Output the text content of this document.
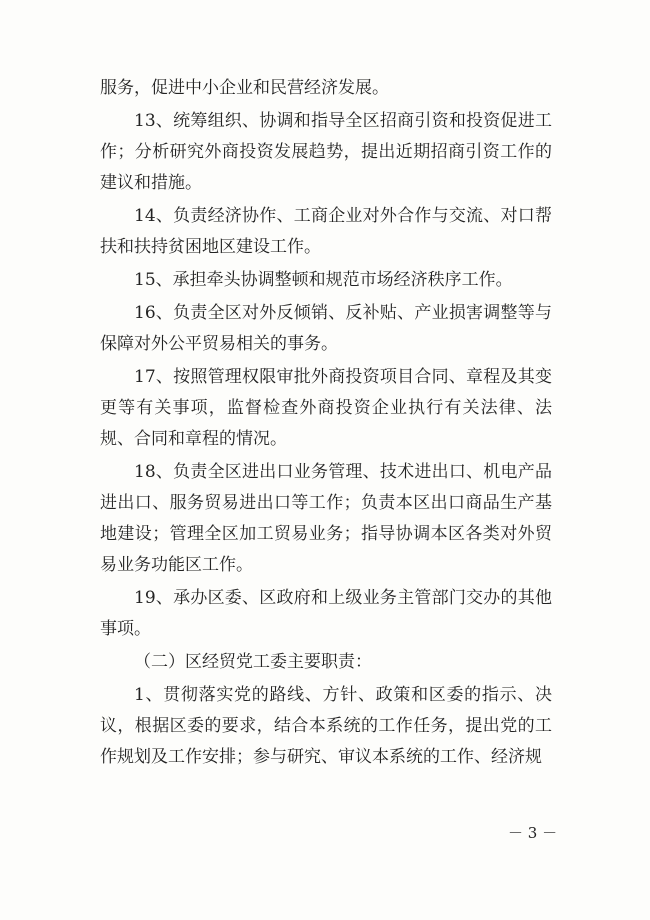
服务，促进中小企业和民营经济发展。

13、统筹组织、协调和指导全区招商引资和投资促进工作；分析研究外商投资发展趋势，提出近期招商引资工作的建议和措施。

14、负责经济协作、工商企业对外合作与交流、对口帮扶和扶持贫困地区建设工作。

15、承担牵头协调整顿和规范市场经济秩序工作。

16、负责全区对外反倾销、反补贴、产业损害调整等与保障对外公平贸易相关的事务。

17、按照管理权限审批外商投资项目合同、章程及其变更等有关事项，监督检查外商投资企业执行有关法律、法规、合同和章程的情况。

18、负责全区进出口业务管理、技术进出口、机电产品进出口、服务贸易进出口等工作；负责本区出口商品生产基地建设；管理全区加工贸易业务；指导协调本区各类对外贸易业务功能区工作。

19、承办区委、区政府和上级业务主管部门交办的其他事项。

（二）区经贸党工委主要职责：

1、贯彻落实党的路线、方针、政策和区委的指示、决议，根据区委的要求，结合本系统的工作任务，提出党的工作规划及工作安排；参与研究、审议本系统的工作、经济规

－ 3 －
